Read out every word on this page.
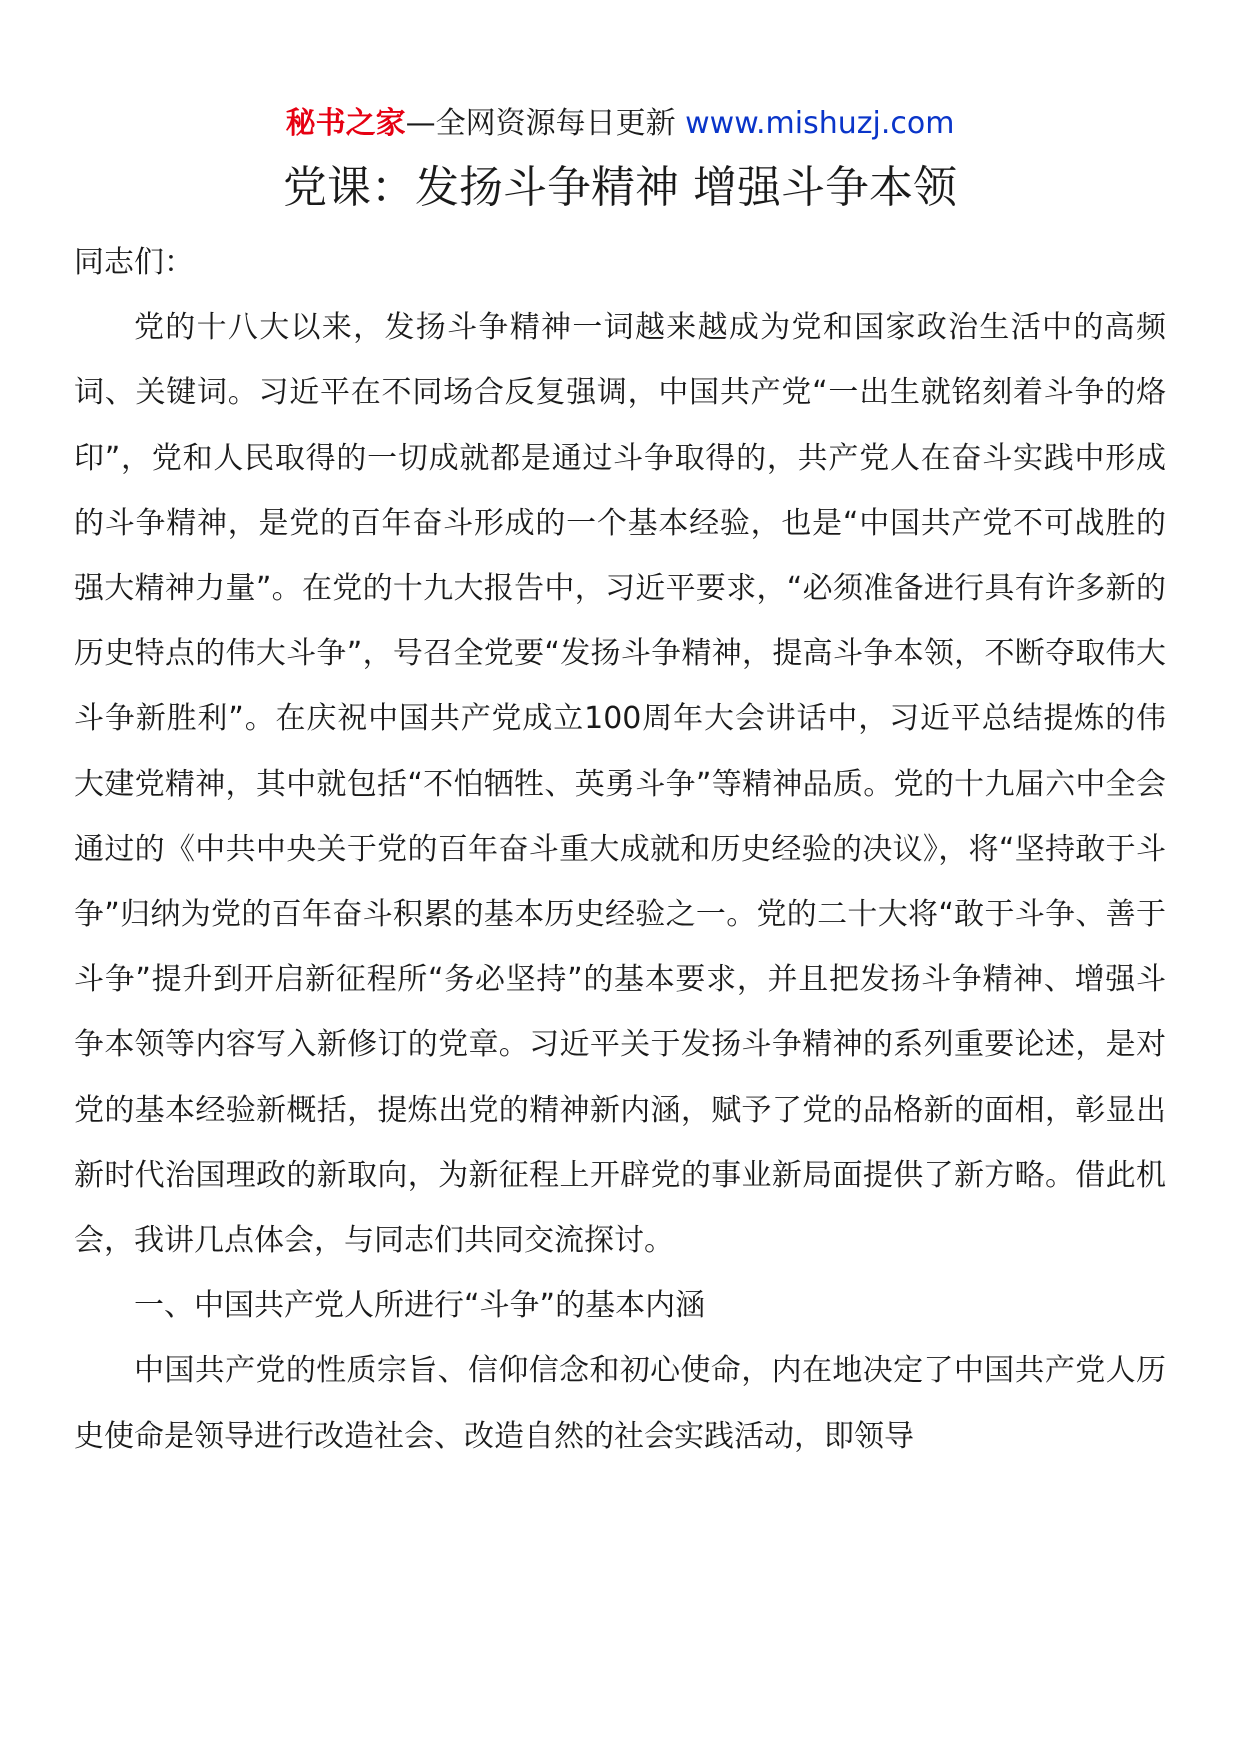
秘书之家—全网资源每日更新 www.mishuzj.com
党课：发扬斗争精神 增强斗争本领

同志们：

党的十八大以来，发扬斗争精神一词越来越成为党和国家政治生活中的高频词、关键词。习近平在不同场合反复强调，中国共产党“一出生就铭刻着斗争的烙印”，党和人民取得的一切成就都是通过斗争取得的，共产党人在奋斗实践中形成的斗争精神，是党的百年奋斗形成的一个基本经验，也是“中国共产党不可战胜的强大精神力量”。在党的十九大报告中，习近平要求，“必须准备进行具有许多新的历史特点的伟大斗争”，号召全党要“发扬斗争精神，提高斗争本领，不断夺取伟大斗争新胜利”。在庆祝中国共产党成立100周年大会讲话中，习近平总结提炼的伟大建党精神，其中就包括“不怕牺牲、英勇斗争”等精神品质。党的十九届六中全会通过的《中共中央关于党的百年奋斗重大成就和历史经验的决议》，将“坚持敢于斗争”归纳为党的百年奋斗积累的基本历史经验之一。党的二十大将“敢于斗争、善于斗争”提升到开启新征程所“务必坚持”的基本要求，并且把发扬斗争精神、增强斗争本领等内容写入新修订的党章。习近平关于发扬斗争精神的系列重要论述，是对党的基本经验新概括，提炼出党的精神新内涵，赋予了党的品格新的面相，彰显出新时代治国理政的新取向，为新征程上开辟党的事业新局面提供了新方略。借此机会，我讲几点体会，与同志们共同交流探讨。

一、中国共产党人所进行“斗争”的基本内涵

中国共产党的性质宗旨、信仰信念和初心使命，内在地决定了中国共产党人历史使命是领导进行改造社会、改造自然的社会实践活动，即领导
